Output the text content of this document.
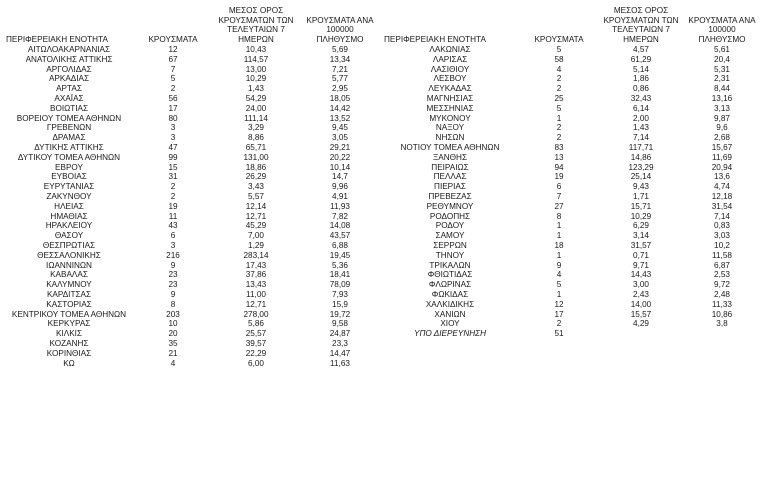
ΠΕΡΙΦΕΡΕΙΑΚΗ ΕΝΟΤΗΤΑ	ΚΡΟΥΣΜΑΤΑ	ΜΕΣΟΣ ΟΡΟΣ
ΚΡΟΥΣΜΑΤΩΝ ΤΩΝ
ΤΕΛΕΥΤΑΙΩΝ 7 ΗΜΕΡΩΝ	ΚΡΟΥΣΜΑΤΑ ΑΝΑ 100000
ΠΛΗΘΥΣΜΟ
ΑΙΤΩΛΟΑΚΑΡΝΑΝΙΑΣ	12	10,43	5,69
ΑΝΑΤΟΛΙΚΗΣ ΑΤΤΙΚΗΣ	67	114,57	13,34
ΑΡΓΟΛΙΔΑΣ	7	13,00	7,21
ΑΡΚΑΔΙΑΣ	5	10,29	5,77
ΑΡΤΑΣ	2	1,43	2,95
ΑΧΑΪΑΣ	56	54,29	18,05
ΒΟΙΩΤΙΑΣ	17	24,00	14,42
ΒΟΡΕΙΟΥ ΤΟΜΕΑ ΑΘΗΝΩΝ	80	111,14	13,52
ΓΡΕΒΕΝΩΝ	3	3,29	9,45
ΔΡΑΜΑΣ	3	8,86	3,05
ΔΥΤΙΚΗΣ ΑΤΤΙΚΗΣ	47	65,71	29,21
ΔΥΤΙΚΟΥ ΤΟΜΕΑ ΑΘΗΝΩΝ	99	131,00	20,22
ΕΒΡΟΥ	15	18,86	10,14
ΕΥΒΟΙΑΣ	31	26,29	14,7
ΕΥΡΥΤΑΝΙΑΣ	2	3,43	9,96
ΖΑΚΥΝΘΟΥ	2	5,57	4,91
ΗΛΕΙΑΣ	19	12,14	11,93
ΗΜΑΘΙΑΣ	11	12,71	7,82
ΗΡΑΚΛΕΙΟΥ	43	45,29	14,08
ΘΑΣΟΥ	6	7,00	43,57
ΘΕΣΠΡΩΤΙΑΣ	3	1,29	6,88
ΘΕΣΣΑΛΟΝΙΚΗΣ	216	283,14	19,45
ΙΩΑΝΝΙΝΩΝ	9	17,43	5,36
ΚΑΒΑΛΑΣ	23	37,86	18,41
ΚΑΛΥΜΝΟΥ	23	13,43	78,09
ΚΑΡΔΙΤΣΑΣ	9	11,00	7,93
ΚΑΣΤΟΡΙΑΣ	8	12,71	15,9
ΚΕΝΤΡΙΚΟΥ ΤΟΜΕΑ ΑΘΗΝΩΝ	203	278,00	19,72
ΚΕΡΚΥΡΑΣ	10	5,86	9,58
ΚΙΛΚΙΣ	20	25,57	24,87
ΚΟΖΑΝΗΣ	35	39,57	23,3
ΚΟΡΙΝΘΙΑΣ	21	22,29	14,47
ΚΩ	4	6,00	11,63
ΠΕΡΙΦΕΡΕΙΑΚΗ ΕΝΟΤΗΤΑ	ΚΡΟΥΣΜΑΤΑ	ΜΕΣΟΣ ΟΡΟΣ
ΚΡΟΥΣΜΑΤΩΝ ΤΩΝ
ΤΕΛΕΥΤΑΙΩΝ 7 ΗΜΕΡΩΝ	ΚΡΟΥΣΜΑΤΑ ΑΝΑ 100000
ΠΛΗΘΥΣΜΟ
ΛΑΚΩΝΙΑΣ	5	4,57	5,61
ΛΑΡΙΣΑΣ	58	61,29	20,4
ΛΑΣΙΘΙΟΥ	4	5,14	5,31
ΛΕΣΒΟΥ	2	1,86	2,31
ΛΕΥΚΑΔΑΣ	2	0,86	8,44
ΜΑΓΝΗΣΙΑΣ	25	32,43	13,16
ΜΕΣΣΗΝΙΑΣ	5	6,14	3,13
ΜΥΚΟΝΟΥ	1	2,00	9,87
ΝΑΞΟΥ	2	1,43	9,6
ΝΗΣΩΝ	2	7,14	2,68
ΝΟΤΙΟΥ ΤΟΜΕΑ ΑΘΗΝΩΝ	83	117,71	15,67
ΞΑΝΘΗΣ	13	14,86	11,69
ΠΕΙΡΑΙΩΣ	94	123,29	20,94
ΠΕΛΛΑΣ	19	25,14	13,6
ΠΙΕΡΙΑΣ	6	9,43	4,74
ΠΡΕΒΕΖΑΣ	7	1,71	12,18
ΡΕΘΥΜΝΟΥ	27	15,71	31,54
ΡΟΔΟΠΗΣ	8	10,29	7,14
ΡΟΔΟΥ	1	6,29	0,83
ΣΑΜΟΥ	1	3,14	3,03
ΣΕΡΡΩΝ	18	31,57	10,2
ΤΗΝΟΥ	1	0,71	11,58
ΤΡΙΚΑΛΩΝ	9	9,71	6,87
ΦΘΙΩΤΙΔΑΣ	4	14,43	2,53
ΦΛΩΡΙΝΑΣ	5	3,00	9,72
ΦΩΚΙΔΑΣ	1	2,43	2,48
ΧΑΛΚΙΔΙΚΗΣ	12	14,00	11,33
ΧΑΝΙΩΝ	17	15,57	10,86
ΧΙΟΥ	2	4,29	3,8
ΥΠΟ ΔΙΕΡΕΥΝΗΣΗ	51		
